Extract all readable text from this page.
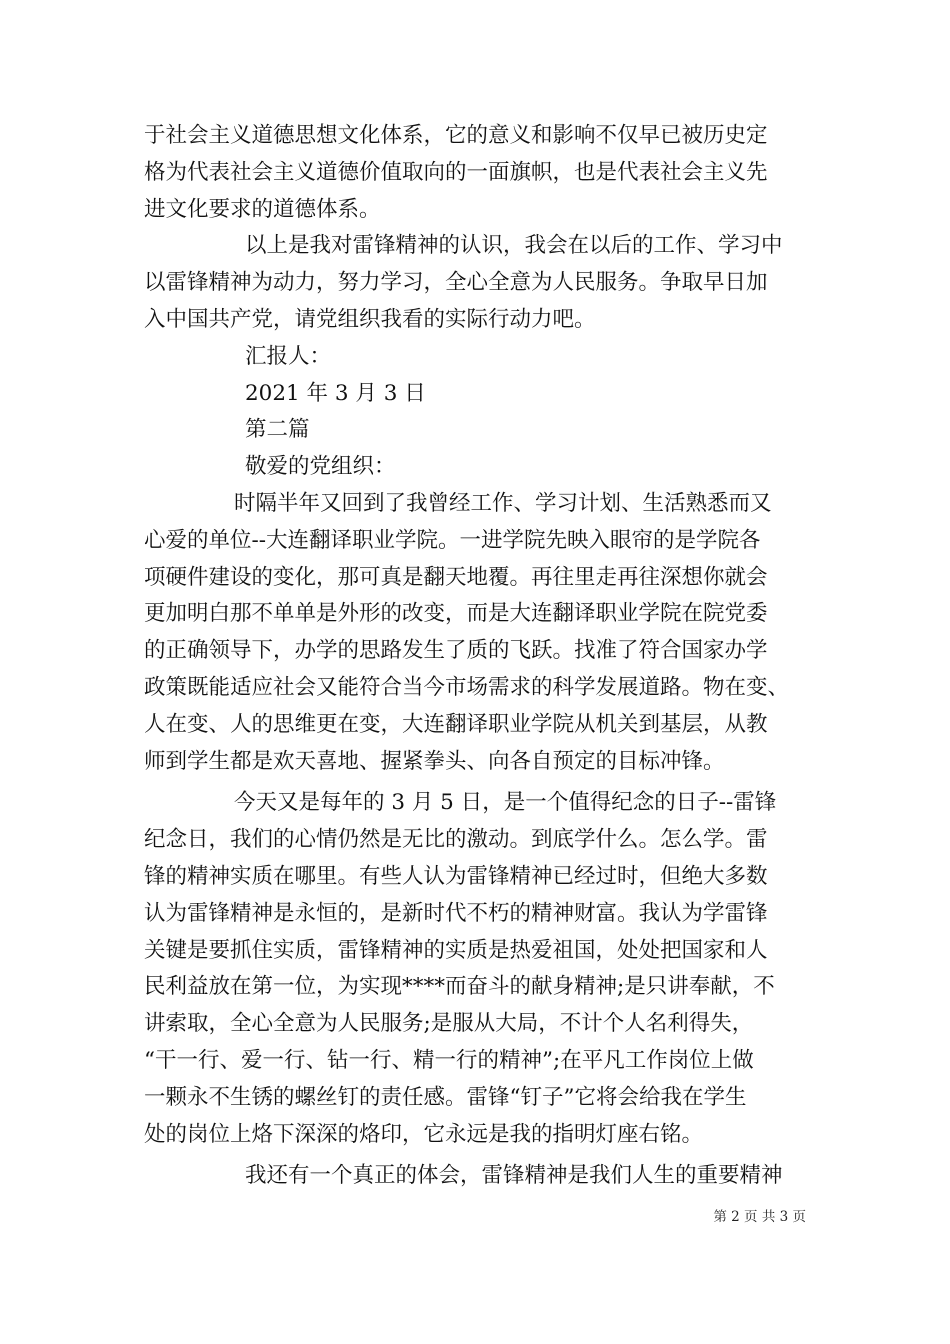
于社会主义道德思想文化体系，它的意义和影响不仅早已被历史定
格为代表社会主义道德价值取向的一面旗帜，也是代表社会主义先
进文化要求的道德体系。
以上是我对雷锋精神的认识，我会在以后的工作、学习中
以雷锋精神为动力，努力学习，全心全意为人民服务。争取早日加
入中国共产党，请党组织我看的实际行动力吧。
汇报人：
2021 年 3 月 3 日
第二篇
敬爱的党组织：
时隔半年又回到了我曾经工作、学习计划、生活熟悉而又
心爱的单位--大连翻译职业学院。一进学院先映入眼帘的是学院各
项硬件建设的变化，那可真是翻天地覆。再往里走再往深想你就会
更加明白那不单单是外形的改变，而是大连翻译职业学院在院党委
的正确领导下，办学的思路发生了质的飞跃。找准了符合国家办学
政策既能适应社会又能符合当今市场需求的科学发展道路。物在变、
人在变、人的思维更在变，大连翻译职业学院从机关到基层，从教
师到学生都是欢天喜地、握紧拳头、向各自预定的目标冲锋。
今天又是每年的 3 月 5 日，是一个值得纪念的日子--雷锋
纪念日，我们的心情仍然是无比的激动。到底学什么。怎么学。雷
锋的精神实质在哪里。有些人认为雷锋精神已经过时，但绝大多数
认为雷锋精神是永恒的，是新时代不朽的精神财富。我认为学雷锋
关键是要抓住实质，雷锋精神的实质是热爱祖国，处处把国家和人
民利益放在第一位，为实现****而奋斗的献身精神;是只讲奉献，不
讲索取，全心全意为人民服务;是服从大局，不计个人名利得失，
“干一行、爱一行、钻一行、精一行的精神”;在平凡工作岗位上做
一颗永不生锈的螺丝钉的责任感。雷锋“钉子”它将会给我在学生
处的岗位上烙下深深的烙印，它永远是我的指明灯座右铭。
我还有一个真正的体会，雷锋精神是我们人生的重要精神
第 2 页 共 3 页
